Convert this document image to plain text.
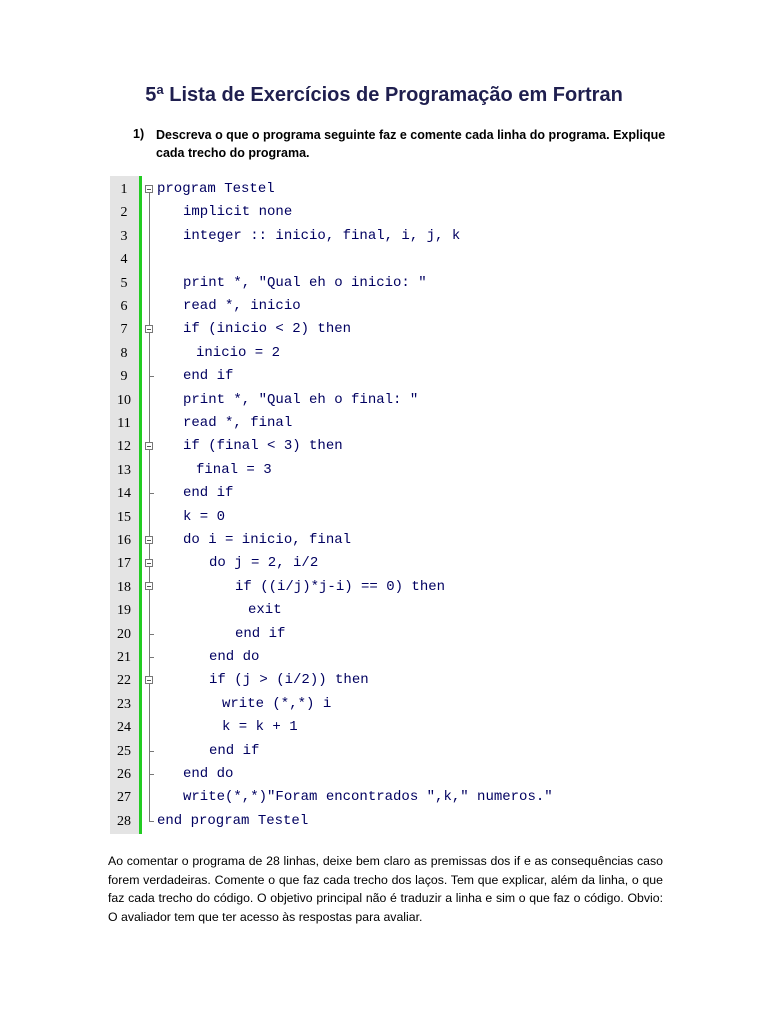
5ª Lista de Exercícios de Programação em Fortran
1) Descreva o que o programa seguinte faz e comente cada linha do programa. Explique cada trecho do programa.
1	program Testel
2	implicit none
3	integer :: inicio, final, i, j, k
4
5	print *, "Qual eh o inicio: "
6	read *, inicio
7	if (inicio < 2) then
8	inicio = 2
9	end if
10	print *, "Qual eh o final: "
11	read *, final
12	if (final < 3) then
13	final = 3
14	end if
15	k = 0
16	do i = inicio, final
17	do j = 2, i/2
18	if ((i/j)*j-i) == 0) then
19	exit
20	end if
21	end do
22	if (j > (i/2)) then
23	write (*,*) i
24	k = k + 1
25	end if
26	end do
27	write(*,*)"Foram encontrados ",k," numeros."
28 end program Testel
Ao comentar o programa de 28 linhas, deixe bem claro as premissas dos if e as consequências caso forem verdadeiras. Comente o que faz cada trecho dos laços. Tem que explicar, além da linha, o que faz cada trecho do código. O objetivo principal não é traduzir a linha e sim o que faz o código. Obvio: O avaliador tem que ter acesso às respostas para avaliar.
